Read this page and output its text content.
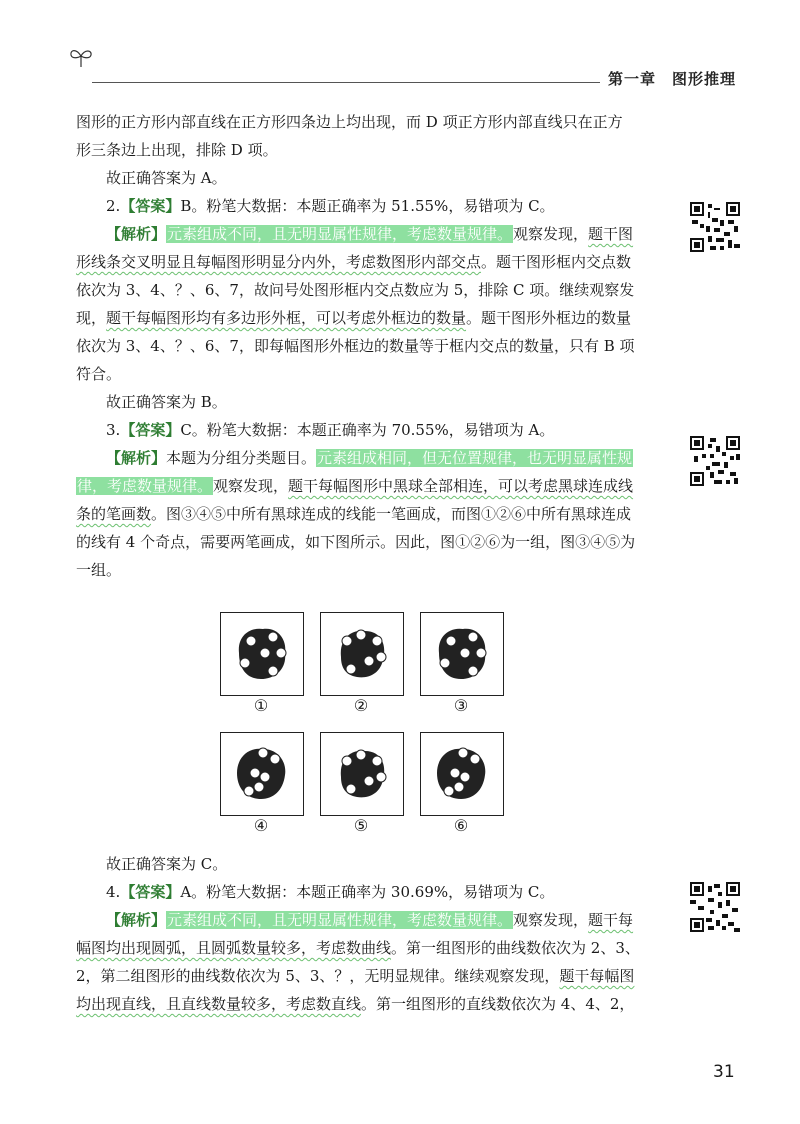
第一章　图形推理

图形的正方形内部直线在正方形四条边上均出现，而 D 项正方形内部直线只在正方

形三条边上出现，排除 D 项。

故正确答案为 A。

2.【答案】B。粉笔大数据：本题正确率为 51.55%，易错项为 C。

【解析】元素组成不同，且无明显属性规律，考虑数量规律。观察发现，题干图

形线条交叉明显且每幅图形明显分内外，考虑数图形内部交点。题干图形框内交点数

依次为 3、4、？、6、7，故问号处图形框内交点数应为 5，排除 C 项。继续观察发

现，题干每幅图形均有多边形外框，可以考虑外框边的数量。题干图形外框边的数量

依次为 3、4、？、6、7，即每幅图形外框边的数量等于框内交点的数量，只有 B 项

符合。

故正确答案为 B。

3.【答案】C。粉笔大数据：本题正确率为 70.55%，易错项为 A。

【解析】本题为分组分类题目。元素组成相同，但无位置规律，也无明显属性规

律，考虑数量规律。观察发现，题干每幅图形中黑球全部相连，可以考虑黑球连成线

条的笔画数。图③④⑤中所有黑球连成的线能一笔画成，而图①②⑥中所有黑球连成

的线有 4 个奇点，需要两笔画成，如下图所示。因此，图①②⑥为一组，图③④⑤为

一组。

①	②	③
④	⑤	⑥

故正确答案为 C。

4.【答案】A。粉笔大数据：本题正确率为 30.69%，易错项为 C。

【解析】元素组成不同，且无明显属性规律，考虑数量规律。观察发现，题干每

幅图均出现圆弧，且圆弧数量较多，考虑数曲线。第一组图形的曲线数依次为 2、3、

2，第二组图形的曲线数依次为 5、3、？，无明显规律。继续观察发现，题干每幅图

均出现直线，且直线数量较多，考虑数直线。第一组图形的直线数依次为 4、4、2，

31
